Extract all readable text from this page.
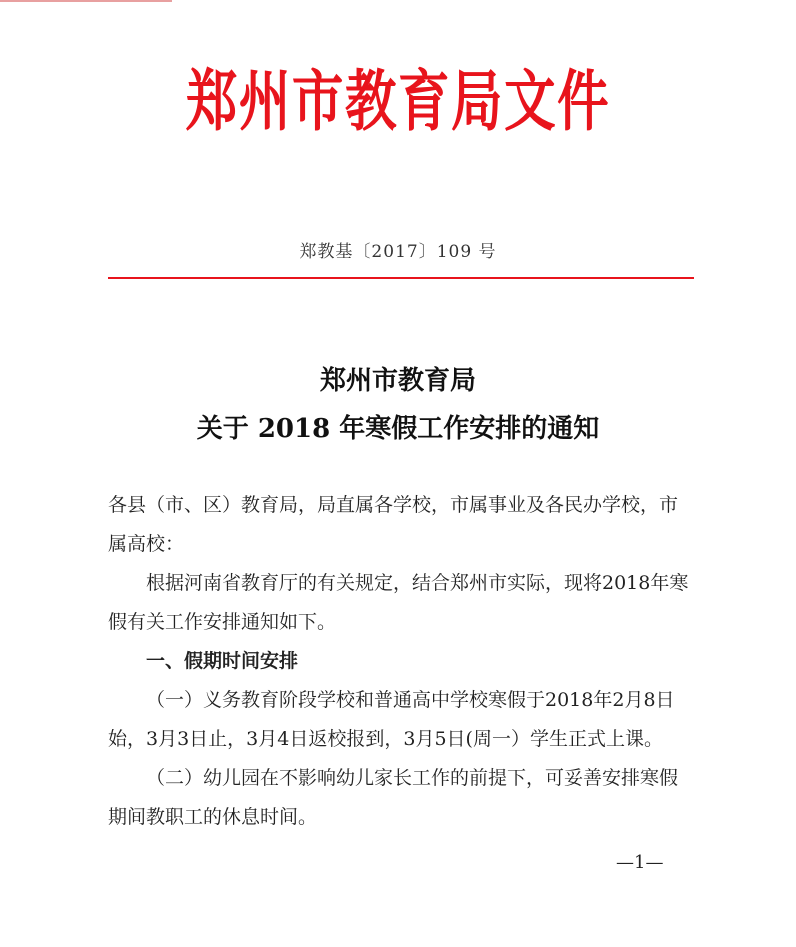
郑州市教育局文件
郑教基〔2017〕109 号
郑州市教育局
关于 2018 年寒假工作安排的通知

各县（市、区）教育局，局直属各学校，市属事业及各民办学校，市属高校：

根据河南省教育厅的有关规定，结合郑州市实际，现将2018年寒假有关工作安排通知如下。

一、假期时间安排

（一）义务教育阶段学校和普通高中学校寒假于2018年2月8日始，3月3日止，3月4日返校报到，3月5日(周一）学生正式上课。

（二）幼儿园在不影响幼儿家长工作的前提下，可妥善安排寒假期间教职工的休息时间。

—1—
